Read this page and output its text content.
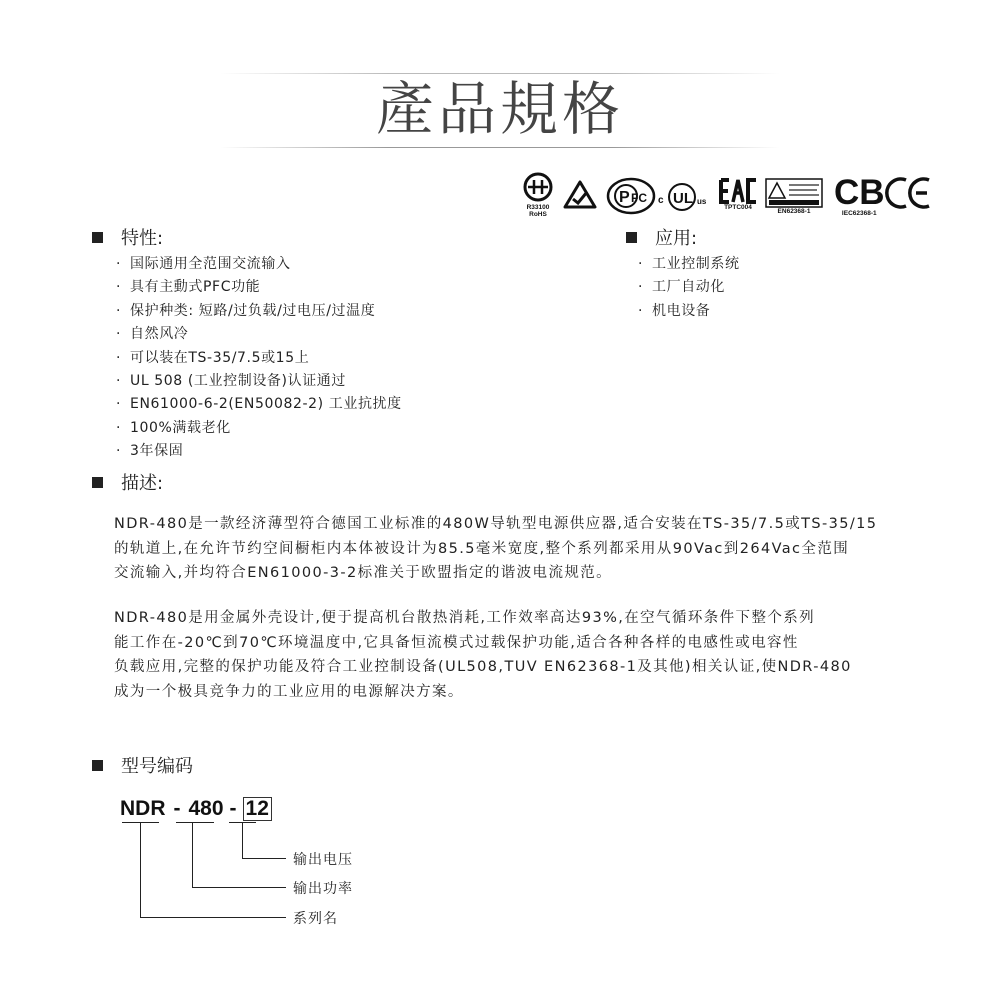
產品規格
R33100
RoHS
P FC c UL us
TPTC004
EN62368-1 CB
IEC62368-1
特性:
· 国际通用全范围交流输入
· 具有主動式PFC功能
· 保护种类: 短路/过负载/过电压/过温度
· 自然风冷
· 可以装在TS-35/7.5或15上
· UL 508 (工业控制设备)认证通过
· EN61000-6-2(EN50082-2) 工业抗扰度
· 100%满载老化
· 3年保固
应用:
· 工业控制系统
· 工厂自动化
· 机电设备
描述:
NDR-480是一款经济薄型符合德国工业标准的480W导轨型电源供应器,适合安装在TS-35/7.5或TS-35/15
的轨道上,在允许节约空间橱柜内本体被设计为85.5毫米宽度,整个系列都采用从90Vac到264Vac全范围
交流输入,并均符合EN61000-3-2标准关于欧盟指定的谐波电流规范。
NDR-480是用金属外壳设计,便于提高机台散热消耗,工作效率高达93%,在空气循环条件下整个系列
能工作在-20℃到70℃环境温度中,它具备恒流模式过载保护功能,适合各种各样的电感性或电容性
负载应用,完整的保护功能及符合工业控制设备(UL508,TUV EN62368-1及其他)相关认证,使NDR-480
成为一个极具竞争力的工业应用的电源解决方案。
型号编码
NDR - 480 - 12
输出电压
输出功率
系列名
